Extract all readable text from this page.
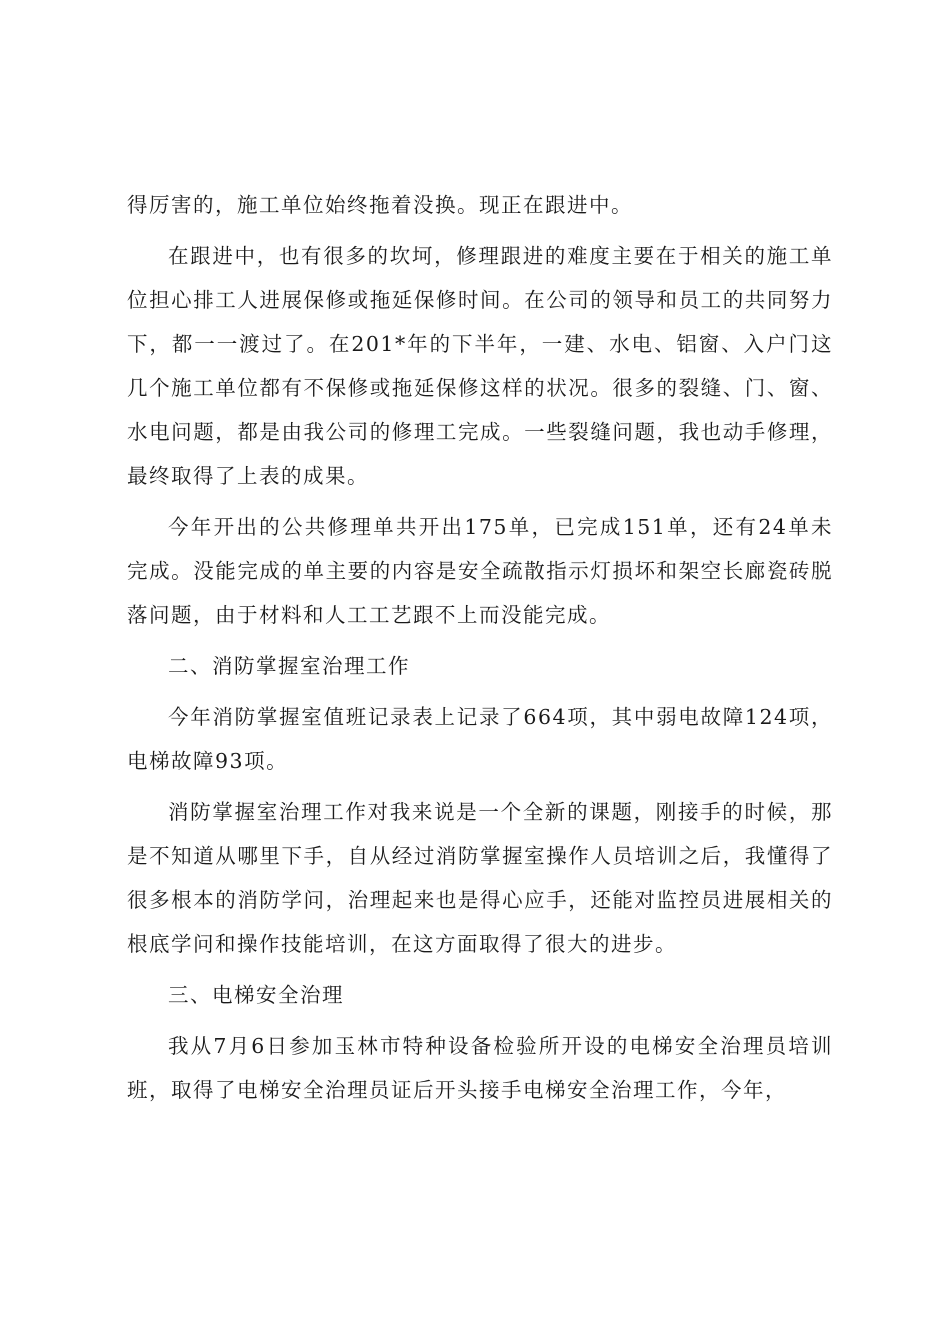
得厉害的，施工单位始终拖着没换。现正在跟进中。

在跟进中，也有很多的坎坷，修理跟进的难度主要在于相关的施工单位担心排工人进展保修或拖延保修时间。在公司的领导和员工的共同努力下，都一一渡过了。在201*年的下半年，一建、水电、铝窗、入户门这几个施工单位都有不保修或拖延保修这样的状况。很多的裂缝、门、窗、水电问题，都是由我公司的修理工完成。一些裂缝问题，我也动手修理，最终取得了上表的成果。

今年开出的公共修理单共开出175单，已完成151单，还有24单未完成。没能完成的单主要的内容是安全疏散指示灯损坏和架空长廊瓷砖脱落问题，由于材料和人工工艺跟不上而没能完成。

二、消防掌握室治理工作

今年消防掌握室值班记录表上记录了664项，其中弱电故障124项，电梯故障93项。

消防掌握室治理工作对我来说是一个全新的课题，刚接手的时候，那是不知道从哪里下手，自从经过消防掌握室操作人员培训之后，我懂得了很多根本的消防学问，治理起来也是得心应手，还能对监控员进展相关的根底学问和操作技能培训，在这方面取得了很大的进步。

三、电梯安全治理

我从7月6日参加玉林市特种设备检验所开设的电梯安全治理员培训班，取得了电梯安全治理员证后开头接手电梯安全治理工作，今年，
